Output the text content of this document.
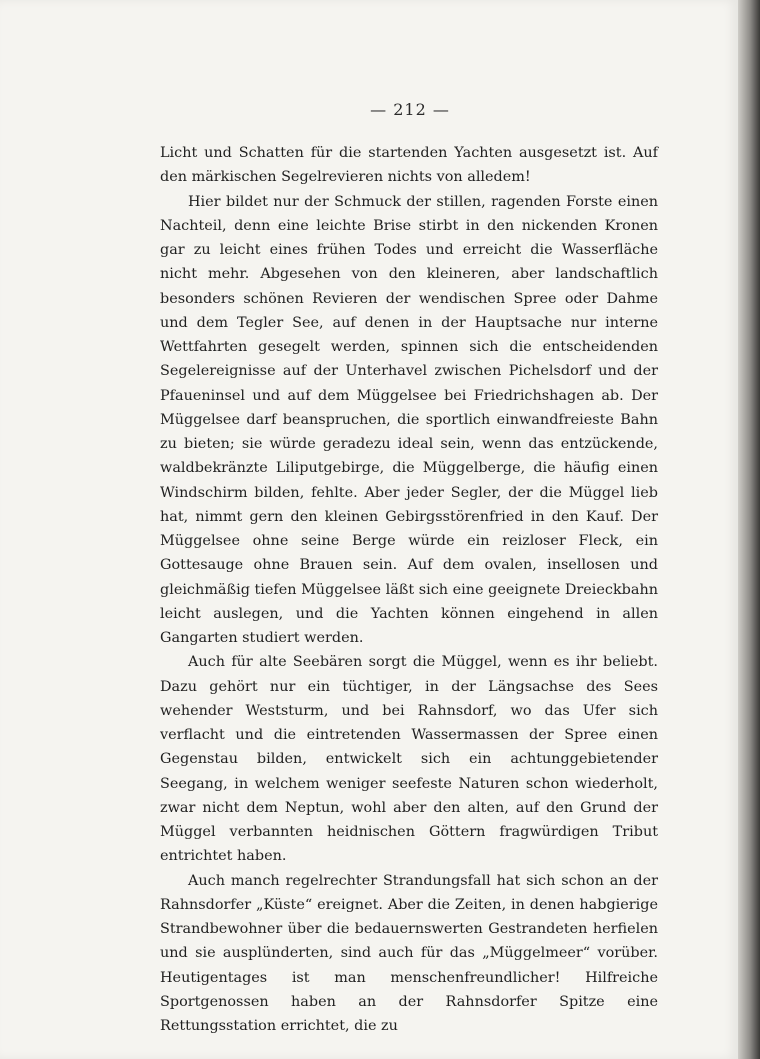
— 212 —

Licht und Schatten für die startenden Yachten ausgesetzt ist. Auf den märkischen Segelrevieren nichts von alledem!

Hier bildet nur der Schmuck der stillen, ragenden Forste einen Nachteil, denn eine leichte Brise stirbt in den nickenden Kronen gar zu leicht eines frühen Todes und erreicht die Wasserfläche nicht mehr. Abgesehen von den kleineren, aber landschaftlich besonders schönen Revieren der wendischen Spree oder Dahme und dem Tegler See, auf denen in der Hauptsache nur interne Wettfahrten gesegelt werden, spinnen sich die entscheidenden Segelereignisse auf der Unterhavel zwischen Pichelsdorf und der Pfaueninsel und auf dem Müggelsee bei Friedrichshagen ab. Der Müggelsee darf beanspruchen, die sportlich einwandfreieste Bahn zu bieten; sie würde geradezu ideal sein, wenn das entzückende, waldbekränzte Liliputgebirge, die Müggelberge, die häufig einen Windschirm bilden, fehlte. Aber jeder Segler, der die Müggel lieb hat, nimmt gern den kleinen Gebirgsstörenfried in den Kauf. Der Müggelsee ohne seine Berge würde ein reizloser Fleck, ein Gottesauge ohne Brauen sein. Auf dem ovalen, insellosen und gleichmäßig tiefen Müggelsee läßt sich eine geeignete Dreieckbahn leicht auslegen, und die Yachten können eingehend in allen Gangarten studiert werden.

Auch für alte Seebären sorgt die Müggel, wenn es ihr beliebt. Dazu gehört nur ein tüchtiger, in der Längsachse des Sees wehender Weststurm, und bei Rahnsdorf, wo das Ufer sich verflacht und die eintretenden Wassermassen der Spree einen Gegenstau bilden, entwickelt sich ein achtunggebietender Seegang, in welchem weniger seefeste Naturen schon wiederholt, zwar nicht dem Neptun, wohl aber den alten, auf den Grund der Müggel verbannten heidnischen Göttern fragwürdigen Tribut entrichtet haben.

Auch manch regelrechter Strandungsfall hat sich schon an der Rahnsdorfer „Küste“ ereignet. Aber die Zeiten, in denen habgierige Strandbewohner über die bedauernswerten Gestrandeten herfielen und sie ausplünderten, sind auch für das „Müggelmeer“ vorüber. Heutigentages ist man menschenfreundlicher! Hilfreiche Sportgenossen haben an der Rahnsdorfer Spitze eine Rettungsstation errichtet, die zu
